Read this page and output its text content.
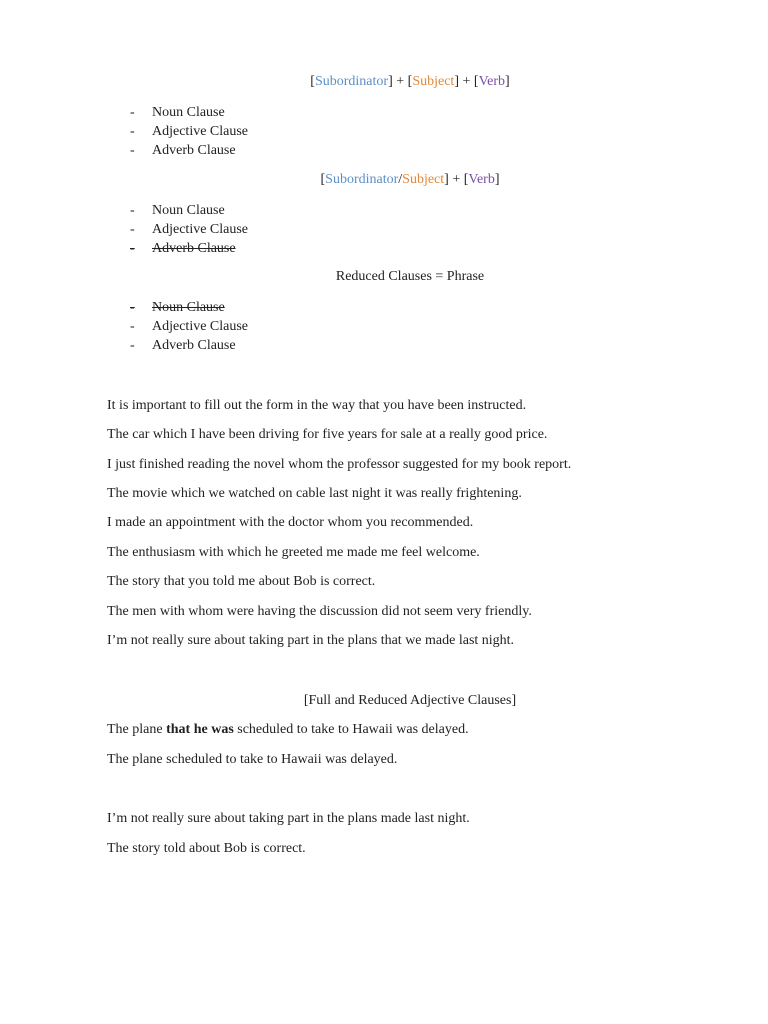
[Subordinator] + [Subject] + [Verb]
- Noun Clause
- Adjective Clause
- Adverb Clause
[Subordinator/Subject] + [Verb]
- Noun Clause
- Adjective Clause
- Adverb Clause
Reduced Clauses = Phrase
- Noun Clause
- Adjective Clause
- Adverb Clause
It is important to fill out the form in the way that you have been instructed.
The car which I have been driving for five years for sale at a really good price.
I just finished reading the novel whom the professor suggested for my book report.
The movie which we watched on cable last night it was really frightening.
I made an appointment with the doctor whom you recommended.
The enthusiasm with which he greeted me made me feel welcome.
The story that you told me about Bob is correct.
The men with whom were having the discussion did not seem very friendly.
I’m not really sure about taking part in the plans that we made last night.
[Full and Reduced Adjective Clauses]
The plane that he was scheduled to take to Hawaii was delayed.
The plane scheduled to take to Hawaii was delayed.
I’m not really sure about taking part in the plans made last night.
The story told about Bob is correct.
